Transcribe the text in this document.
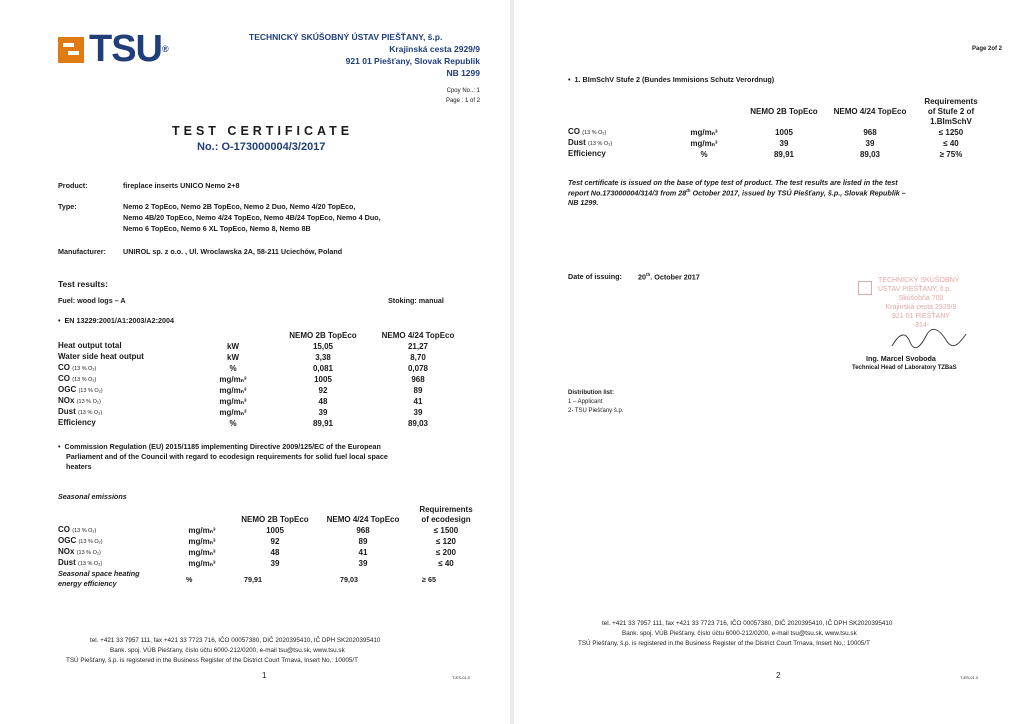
TSU®
TECHNICKÝ SKÚŠOBNÝ ÚSTAV PIEŠŤANY, š.p.
Krajinská cesta 2929/9
921 01 Piešťany, Slovak Republik
NB 1299
Cpoy No..: 1
Page : 1 of 2
TEST CERTIFICATE
No.: O-173000004/3/2017
Product:	fireplace inserts UNICO Nemo 2+8
Type:	Nemo 2 TopEco, Nemo 2B TopEco, Nemo 2 Duo, Nemo 4/20 TopEco,
Nemo 4B/20 TopEco, Nemo 4/24 TopEco, Nemo 4B/24 TopEco, Nemo 4 Duo,
Nemo 6 TopEco, Nemo 6 XL TopEco, Nemo 8, Nemo 8B
Manufacturer: UNIROL sp. z o.o. , Ul. Wroclawska 2A, 58-211 Uciechów, Poland
Test results:
Fuel: wood logs – A	Stoking: manual
•  EN 13229:2001/A1:2003/A2:2004
		NEMO 2B TopEco	NEMO 4/24 TopEco
Heat output total	kW	15,05	21,27
Water side heat output	kW	3,38	8,70
CO (13 % O₂)	%	0,081	0,078
CO (13 % O₂)	mg/mₙ³	1005	968
OGC (13 % O₂)	mg/mₙ³	92	89
NOx (13 % O₂)	mg/mₙ³	48	41
Dust (13 % O₂)	mg/mₙ³	39	39
Efficiency	%	89,91	89,03
•  Commission Regulation (EU) 2015/1185 implementing Directive 2009/125/EC of the European
Parliament and of the Council with regard to ecodesign requirements for solid fuel local space
heaters
Seasonal emissions
				Requirements
		NEMO 2B TopEco	NEMO 4/24 TopEco	of ecodesign
CO (13 % O₂)	mg/mₙ³	1005	968	≤ 1500
OGC (13 % O₂)	mg/mₙ³	92	89	≤ 120
NOx (13 % O₂)	mg/mₙ³	48	41	≤ 200
Dust (13 % O₂)	mg/mₙ³	39	39	≤ 40
Seasonal space heating
energy efficiency	%	79,91	79,03	≥ 65
tel. +421 33 7957 111, fax +421 33 7723 716, IČO 00057380, DIČ 2020395410, IČ DPH SK2020395410
Bank. spoj. VÚB Piešťany, číslo účtu 6000-212/0200, e-mail tsu@tsu.sk, www.tsu.sk
TSÚ Piešťany, š.p. is registered in the Business Register of the District Court Trnava, Insert No,: 10005/T
1	T-ES-01.0
Page 2of 2
•  1. BImSchV Stufe 2 (Bundes Immisions Schutz Verordnug)
				Requirements
		NEMO 2B TopEco	NEMO 4/24 TopEco	of Stufe 2 of
				1.BImSchV
CO (13 % O₂)	mg/mₙ³	1005	968	≤ 1250
Dust (13 % O₂)	mg/mₙ³	39	39	≤ 40
Efficiency	%	89,91	89,03	≥ 75%
Test certificate is issued on the base of type test of product. The test results are listed in the test
report No.173000004/314/3 from 28th October 2017, issued by TSÚ Piešťany, š.p., Slovak Republik –
NB 1299.
Date of issuing: 20th. October 2017	TECHNICKÝ SKÚŠOBNÝ
ÚSTAV PIEŠŤANY, š.p.
Skúšobňa 700
Krajinská cesta 2929/9
921 01 PIEŠŤANY
-314-
Ing. Marcel Svoboda
Technical Head of Laboratory TZBaS
Distribution list:
1 – Applicant
2- TSU Piešťany š.p.
tel. +421 33 7957 111, fax +421 33 7723 716, IČO 00057380, DIČ 2020395410, IČ DPH SK2020395410
Bank. spoj. VÚB Piešťany, číslo účtu 6000-212/0200, e-mail tsu@tsu.sk, www.tsu.sk
TSÚ Piešťany, š.p. is registered in the Business Register of the District Court Trnava, Insert No,: 10005/T
2	T-ES-01.0
